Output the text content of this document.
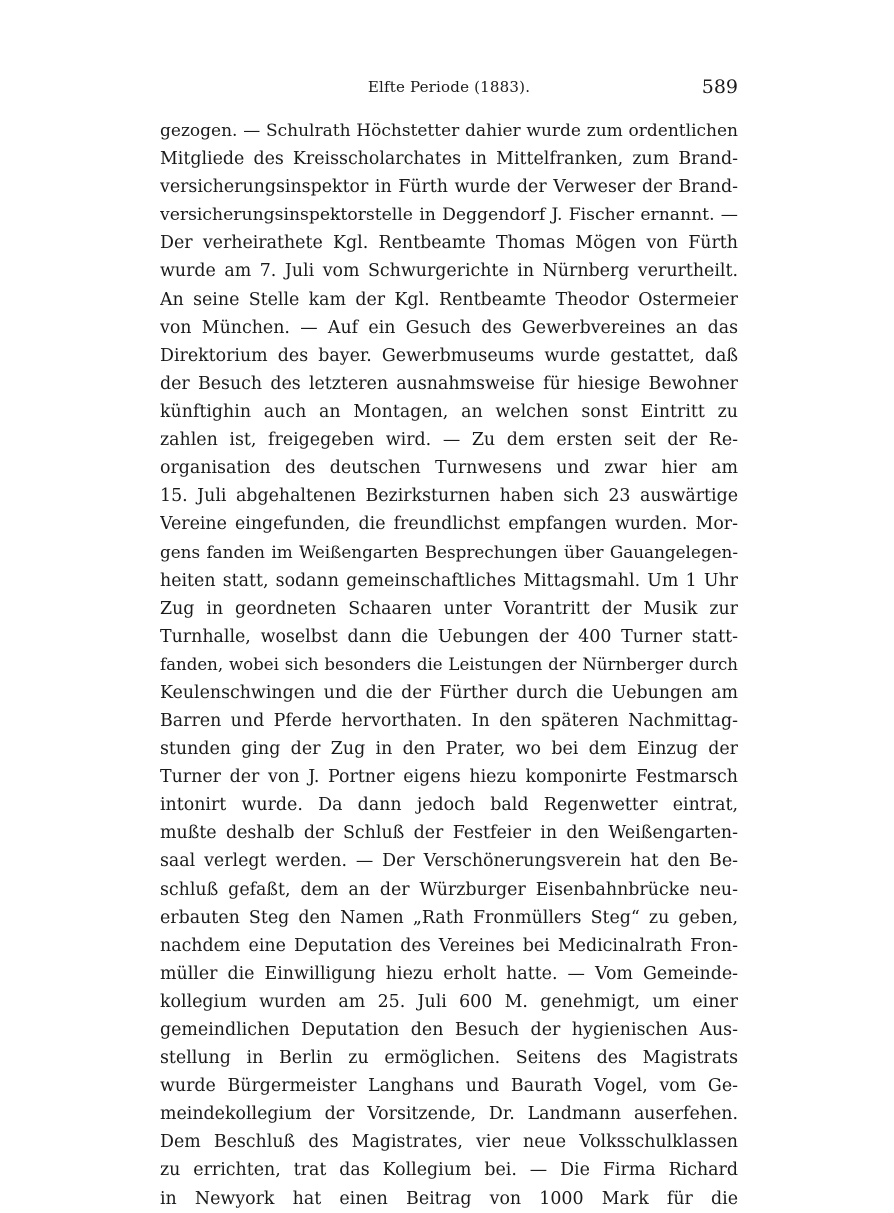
Elfte Periode (1883).	589
gezogen. — Schulrath Höchstetter dahier wurde zum ordentlichen
Mitgliede des Kreisscholarchates in Mittelfranken, zum Brand-
versicherungsinspektor in Fürth wurde der Verweser der Brand-
versicherungsinspektorstelle in Deggendorf J. Fischer ernannt. —
Der verheirathete Kgl. Rentbeamte Thomas Mögen von Fürth
wurde am 7. Juli vom Schwurgerichte in Nürnberg verurtheilt.
An seine Stelle kam der Kgl. Rentbeamte Theodor Ostermeier
von München. — Auf ein Gesuch des Gewerbvereines an das
Direktorium des bayer. Gewerbmuseums wurde gestattet, daß
der Besuch des letzteren ausnahmsweise für hiesige Bewohner
künftighin auch an Montagen, an welchen sonst Eintritt zu
zahlen ist, freigegeben wird. — Zu dem ersten seit der Re-
organisation des deutschen Turnwesens und zwar hier am
15. Juli abgehaltenen Bezirksturnen haben sich 23 auswärtige
Vereine eingefunden, die freundlichst empfangen wurden. Mor-
gens fanden im Weißengarten Besprechungen über Gauangelegen-
heiten statt, sodann gemeinschaftliches Mittagsmahl. Um 1 Uhr
Zug in geordneten Schaaren unter Vorantritt der Musik zur
Turnhalle, woselbst dann die Uebungen der 400 Turner statt-
fanden, wobei sich besonders die Leistungen der Nürnberger durch
Keulenschwingen und die der Fürther durch die Uebungen am
Barren und Pferde hervorthaten. In den späteren Nachmittag-
stunden ging der Zug in den Prater, wo bei dem Einzug der
Turner der von J. Portner eigens hiezu komponirte Festmarsch
intonirt wurde. Da dann jedoch bald Regenwetter eintrat,
mußte deshalb der Schluß der Festfeier in den Weißengarten-
saal verlegt werden. — Der Verschönerungsverein hat den Be-
schluß gefaßt, dem an der Würzburger Eisenbahnbrücke neu-
erbauten Steg den Namen „Rath Fronmüllers Steg“ zu geben,
nachdem eine Deputation des Vereines bei Medicinalrath Fron-
müller die Einwilligung hiezu erholt hatte. — Vom Gemeinde-
kollegium wurden am 25. Juli 600 M. genehmigt, um einer
gemeindlichen Deputation den Besuch der hygienischen Aus-
stellung in Berlin zu ermöglichen. Seitens des Magistrats
wurde Bürgermeister Langhans und Baurath Vogel, vom Ge-
meindekollegium der Vorsitzende, Dr. Landmann auserfehen.
Dem Beschluß des Magistrates, vier neue Volksschulklassen
zu errichten, trat das Kollegium bei. — Die Firma Richard
in Newyork hat einen Beitrag von 1000 Mark für die
